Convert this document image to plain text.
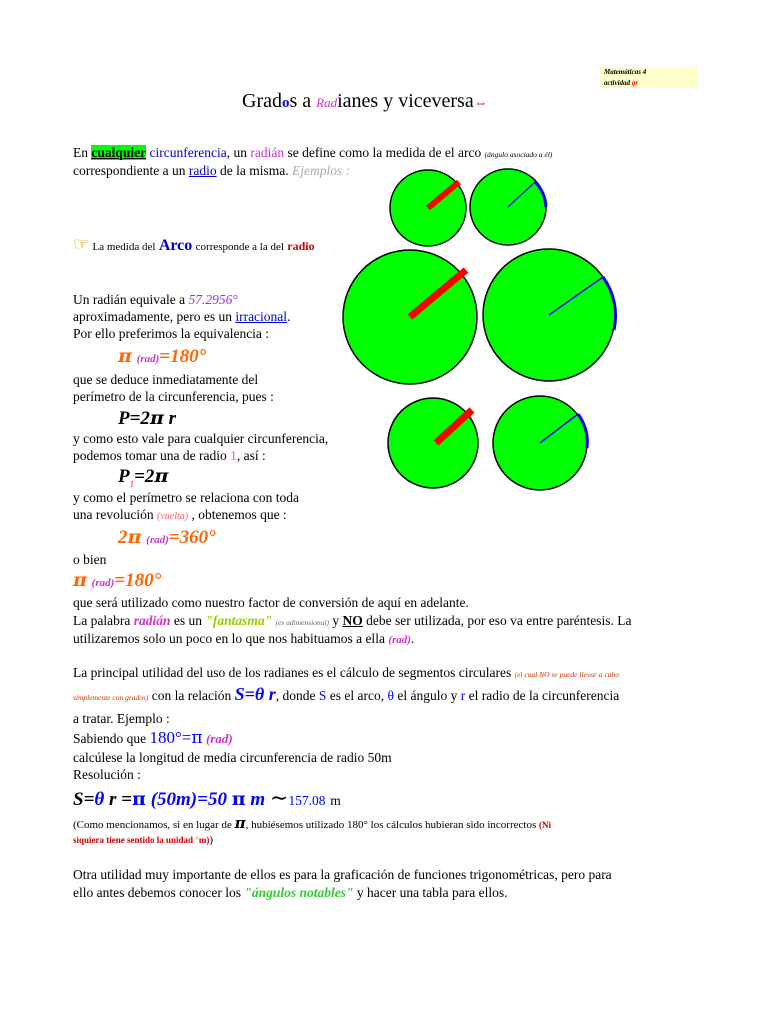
Matemáticas 4
actividad gr
Grados a Radianes y viceversa⇔
En cualquier circunferencia, un radián se define como la medida de el arco (ángulo asociado a él)
correspondiente a un radio de la misma. Ejemplos :
☞ La medida del Arco corresponde a la del radio
Un radián equivale a 57.2956°
aproximadamente, pero es un irracional.
Por ello preferimos la equivalencia :
π (rad)=180°
que se deduce inmediatamente del
perímetro de la circunferencia, pues :
P=2π r
y como esto vale para cualquier circunferencia,
podemos tomar una de radio 1, así :
$P_1=2\pi$
y como el perímetro se relaciona con toda
una revolución (vuelta) , obtenemos que :
2π (rad)=360°
o bien
π (rad)=180°
que será utilizado como nuestro factor de conversión de aquí en adelante.
La palabra radián es un "fantasma" (es adimensional) y NO debe ser utilizada, por eso va entre paréntesis. La
utilizaremos solo un poco en lo que nos habituamos a ella (rad).
La principal utilidad del uso de los radianes es el cálculo de segmentos circulares (el cual NO se puede llevar a cabo
simplemente con grados) con la relación S=θ r, donde S es el arco, θ el ángulo y r el radio de la circunferencia
a tratar. Ejemplo :
Sabiendo que 180°=π (rad)
calcúlese la longitud de media circunferencia de radio 50m
Resolución :
S=θ r =π (50m)=50 π m ∼157.08 m
(Como mencionamos, si en lugar de π, hubiésemos utilizado 180° los cálculos hubieran sido incorrectos (Ni
siquiera tiene sentido la unidad °m))
Otra utilidad muy importante de ellos es para la graficación de funciones trigonométricas, pero para
ello antes debemos conocer los "ángulos notables" y hacer una tabla para ellos.
